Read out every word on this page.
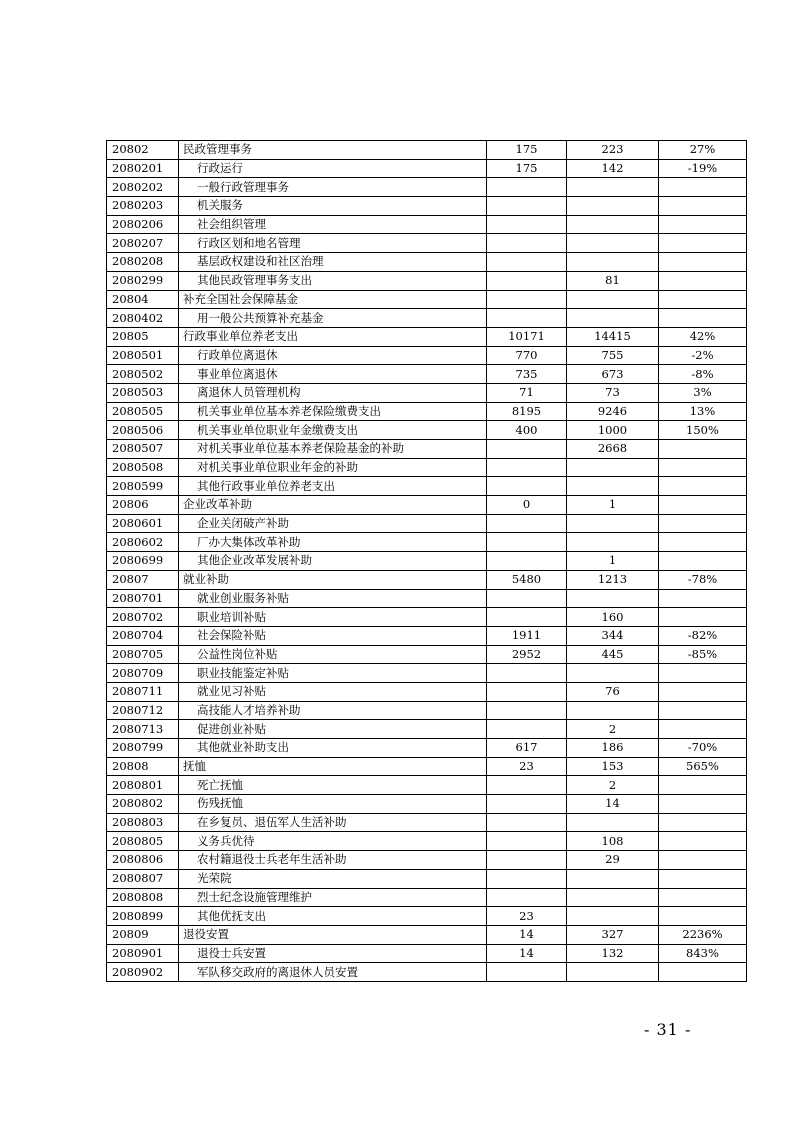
20802	民政管理事务	175	223	27%
2080201	行政运行	175	142	-19%
2080202	一般行政管理事务			
2080203	机关服务			
2080206	社会组织管理			
2080207	行政区划和地名管理			
2080208	基层政权建设和社区治理			
2080299	其他民政管理事务支出		81	
20804	补充全国社会保障基金			
2080402	用一般公共预算补充基金			
20805	行政事业单位养老支出	10171	14415	42%
2080501	行政单位离退休	770	755	-2%
2080502	事业单位离退休	735	673	-8%
2080503	离退休人员管理机构	71	73	3%
2080505	机关事业单位基本养老保险缴费支出	8195	9246	13%
2080506	机关事业单位职业年金缴费支出	400	1000	150%
2080507	对机关事业单位基本养老保险基金的补助		2668	
2080508	对机关事业单位职业年金的补助			
2080599	其他行政事业单位养老支出			
20806	企业改革补助	0	1	
2080601	企业关闭破产补助			
2080602	厂办大集体改革补助			
2080699	其他企业改革发展补助		1	
20807	就业补助	5480	1213	-78%
2080701	就业创业服务补贴			
2080702	职业培训补贴		160	
2080704	社会保险补贴	1911	344	-82%
2080705	公益性岗位补贴	2952	445	-85%
2080709	职业技能鉴定补贴			
2080711	就业见习补贴		76	
2080712	高技能人才培养补助			
2080713	促进创业补贴		2	
2080799	其他就业补助支出	617	186	-70%
20808	抚恤	23	153	565%
2080801	死亡抚恤		2	
2080802	伤残抚恤		14	
2080803	在乡复员、退伍军人生活补助			
2080805	义务兵优待		108	
2080806	农村籍退役士兵老年生活补助		29	
2080807	光荣院			
2080808	烈士纪念设施管理维护			
2080899	其他优抚支出	23		
20809	退役安置	14	327	2236%
2080901	退役士兵安置	14	132	843%
2080902	军队移交政府的离退休人员安置			
- 31 -
